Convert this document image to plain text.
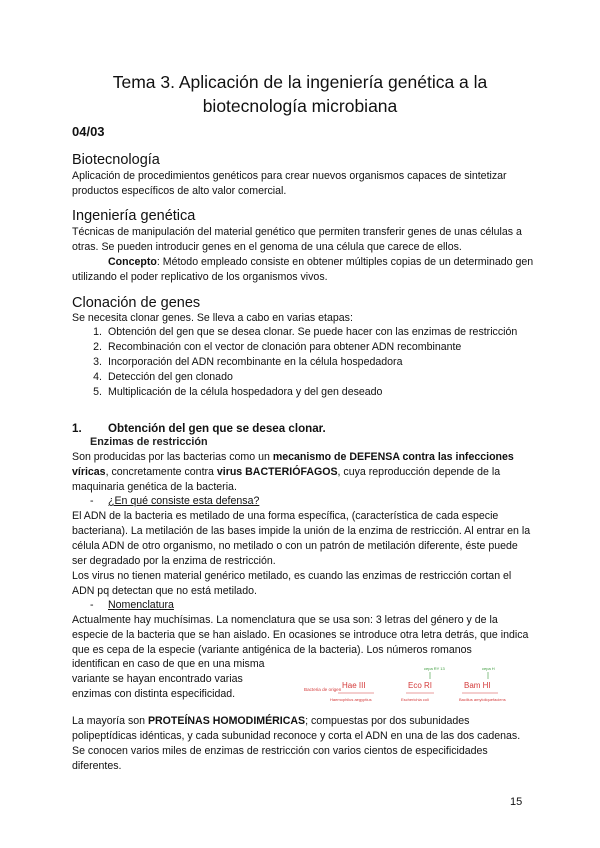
Tema 3. Aplicación de la ingeniería genética a la biotecnología microbiana
04/03
Biotecnología
Aplicación de procedimientos genéticos para crear nuevos organismos capaces de sintetizar productos específicos de alto valor comercial.
Ingeniería genética
Técnicas de manipulación del material genético que permiten transferir genes de unas células a otras. Se pueden introducir genes en el genoma de una célula que carece de ellos.
Concepto: Método empleado consiste en obtener múltiples copias de un determinado gen utilizando el poder replicativo de los organismos vivos.
Clonación de genes
Se necesita clonar genes. Se lleva a cabo en varias etapas:
1. Obtención del gen que se desea clonar. Se puede hacer con las enzimas de restricción
2. Recombinación con el vector de clonación para obtener ADN recombinante
3. Incorporación del ADN recombinante en la célula hospedadora
4. Detección del gen clonado
5. Multiplicación de la célula hospedadora y del gen deseado
1. Obtención del gen que se desea clonar.
Enzimas de restricción
Son producidas por las bacterias como un mecanismo de DEFENSA contra las infecciones víricas, concretamente contra virus BACTERIÓFAGOS, cuya reproducción depende de la maquinaria genética de la bacteria.
- ¿En qué consiste esta defensa?
El ADN de la bacteria es metilado de una forma específica, (característica de cada especie bacteriana). La metilación de las bases impide la unión de la enzima de restricción. Al entrar en la célula ADN de otro organismo, no metilado o con un patrón de metilación diferente, éste puede ser degradado por la enzima de restricción.
Los virus no tienen material genérico metilado, es cuando las enzimas de restricción cortan el ADN pq detectan que no está metilado.
- Nomenclatura
Actualmente hay muchísimas. La nomenclatura que se usa son: 3 letras del género y de la especie de la bacteria que se han aislado. En ocasiones se introduce otra letra detrás, que indica que es cepa de la especie (variante antigénica de la bacteria). Los números romanos
identifican en caso de que en una misma variante se hayan encontrado varias enzimas con distinta especificidad.	Bacteria de origen Hae III
Haemophilus aegyptius
Eco RI
cepa RY 13
Escherichia coli
Bam HI
cepa H
Bacillus amyloliquefaciens
La mayoría son PROTEÍNAS HOMODIMÉRICAS; compuestas por dos subunidades polipeptídicas idénticas, y cada subunidad reconoce y corta el ADN en una de las dos cadenas. Se conocen varios miles de enzimas de restricción con varios cientos de especificidades diferentes.
15
